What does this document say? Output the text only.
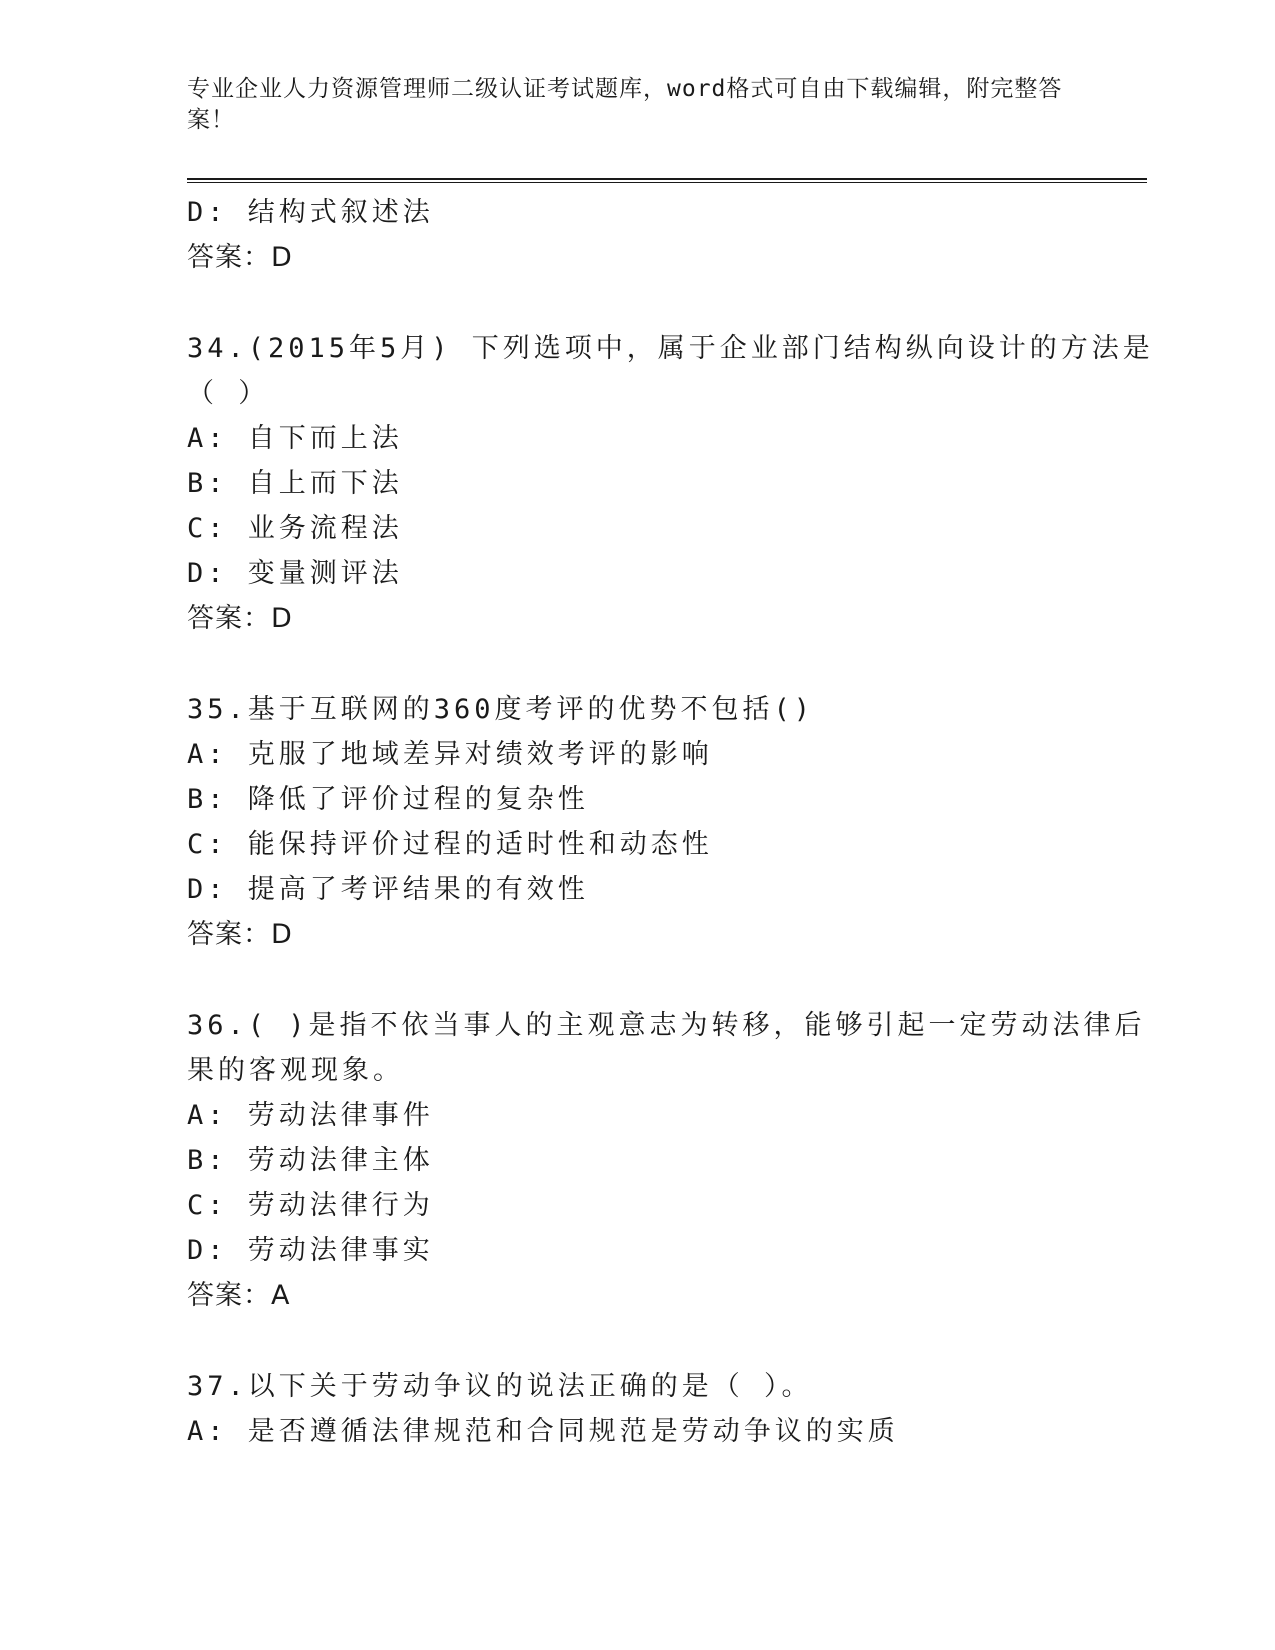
专业企业人力资源管理师二级认证考试题库，word格式可自由下载编辑，附完整答案！
D: 结构式叙述法
答案：D
34.(2015年5月) 下列选项中，属于企业部门结构纵向设计的方法是
（ ）
A: 自下而上法
B: 自上而下法
C: 业务流程法
D: 变量测评法
答案：D
35.基于互联网的360度考评的优势不包括()
A: 克服了地域差异对绩效考评的影响
B: 降低了评价过程的复杂性
C: 能保持评价过程的适时性和动态性
D: 提高了考评结果的有效性
答案：D
36.( )是指不依当事人的主观意志为转移，能够引起一定劳动法律后
果的客观现象。
A: 劳动法律事件
B: 劳动法律主体
C: 劳动法律行为
D: 劳动法律事实
答案：A
37.以下关于劳动争议的说法正确的是（ ）。
A: 是否遵循法律规范和合同规范是劳动争议的实质
